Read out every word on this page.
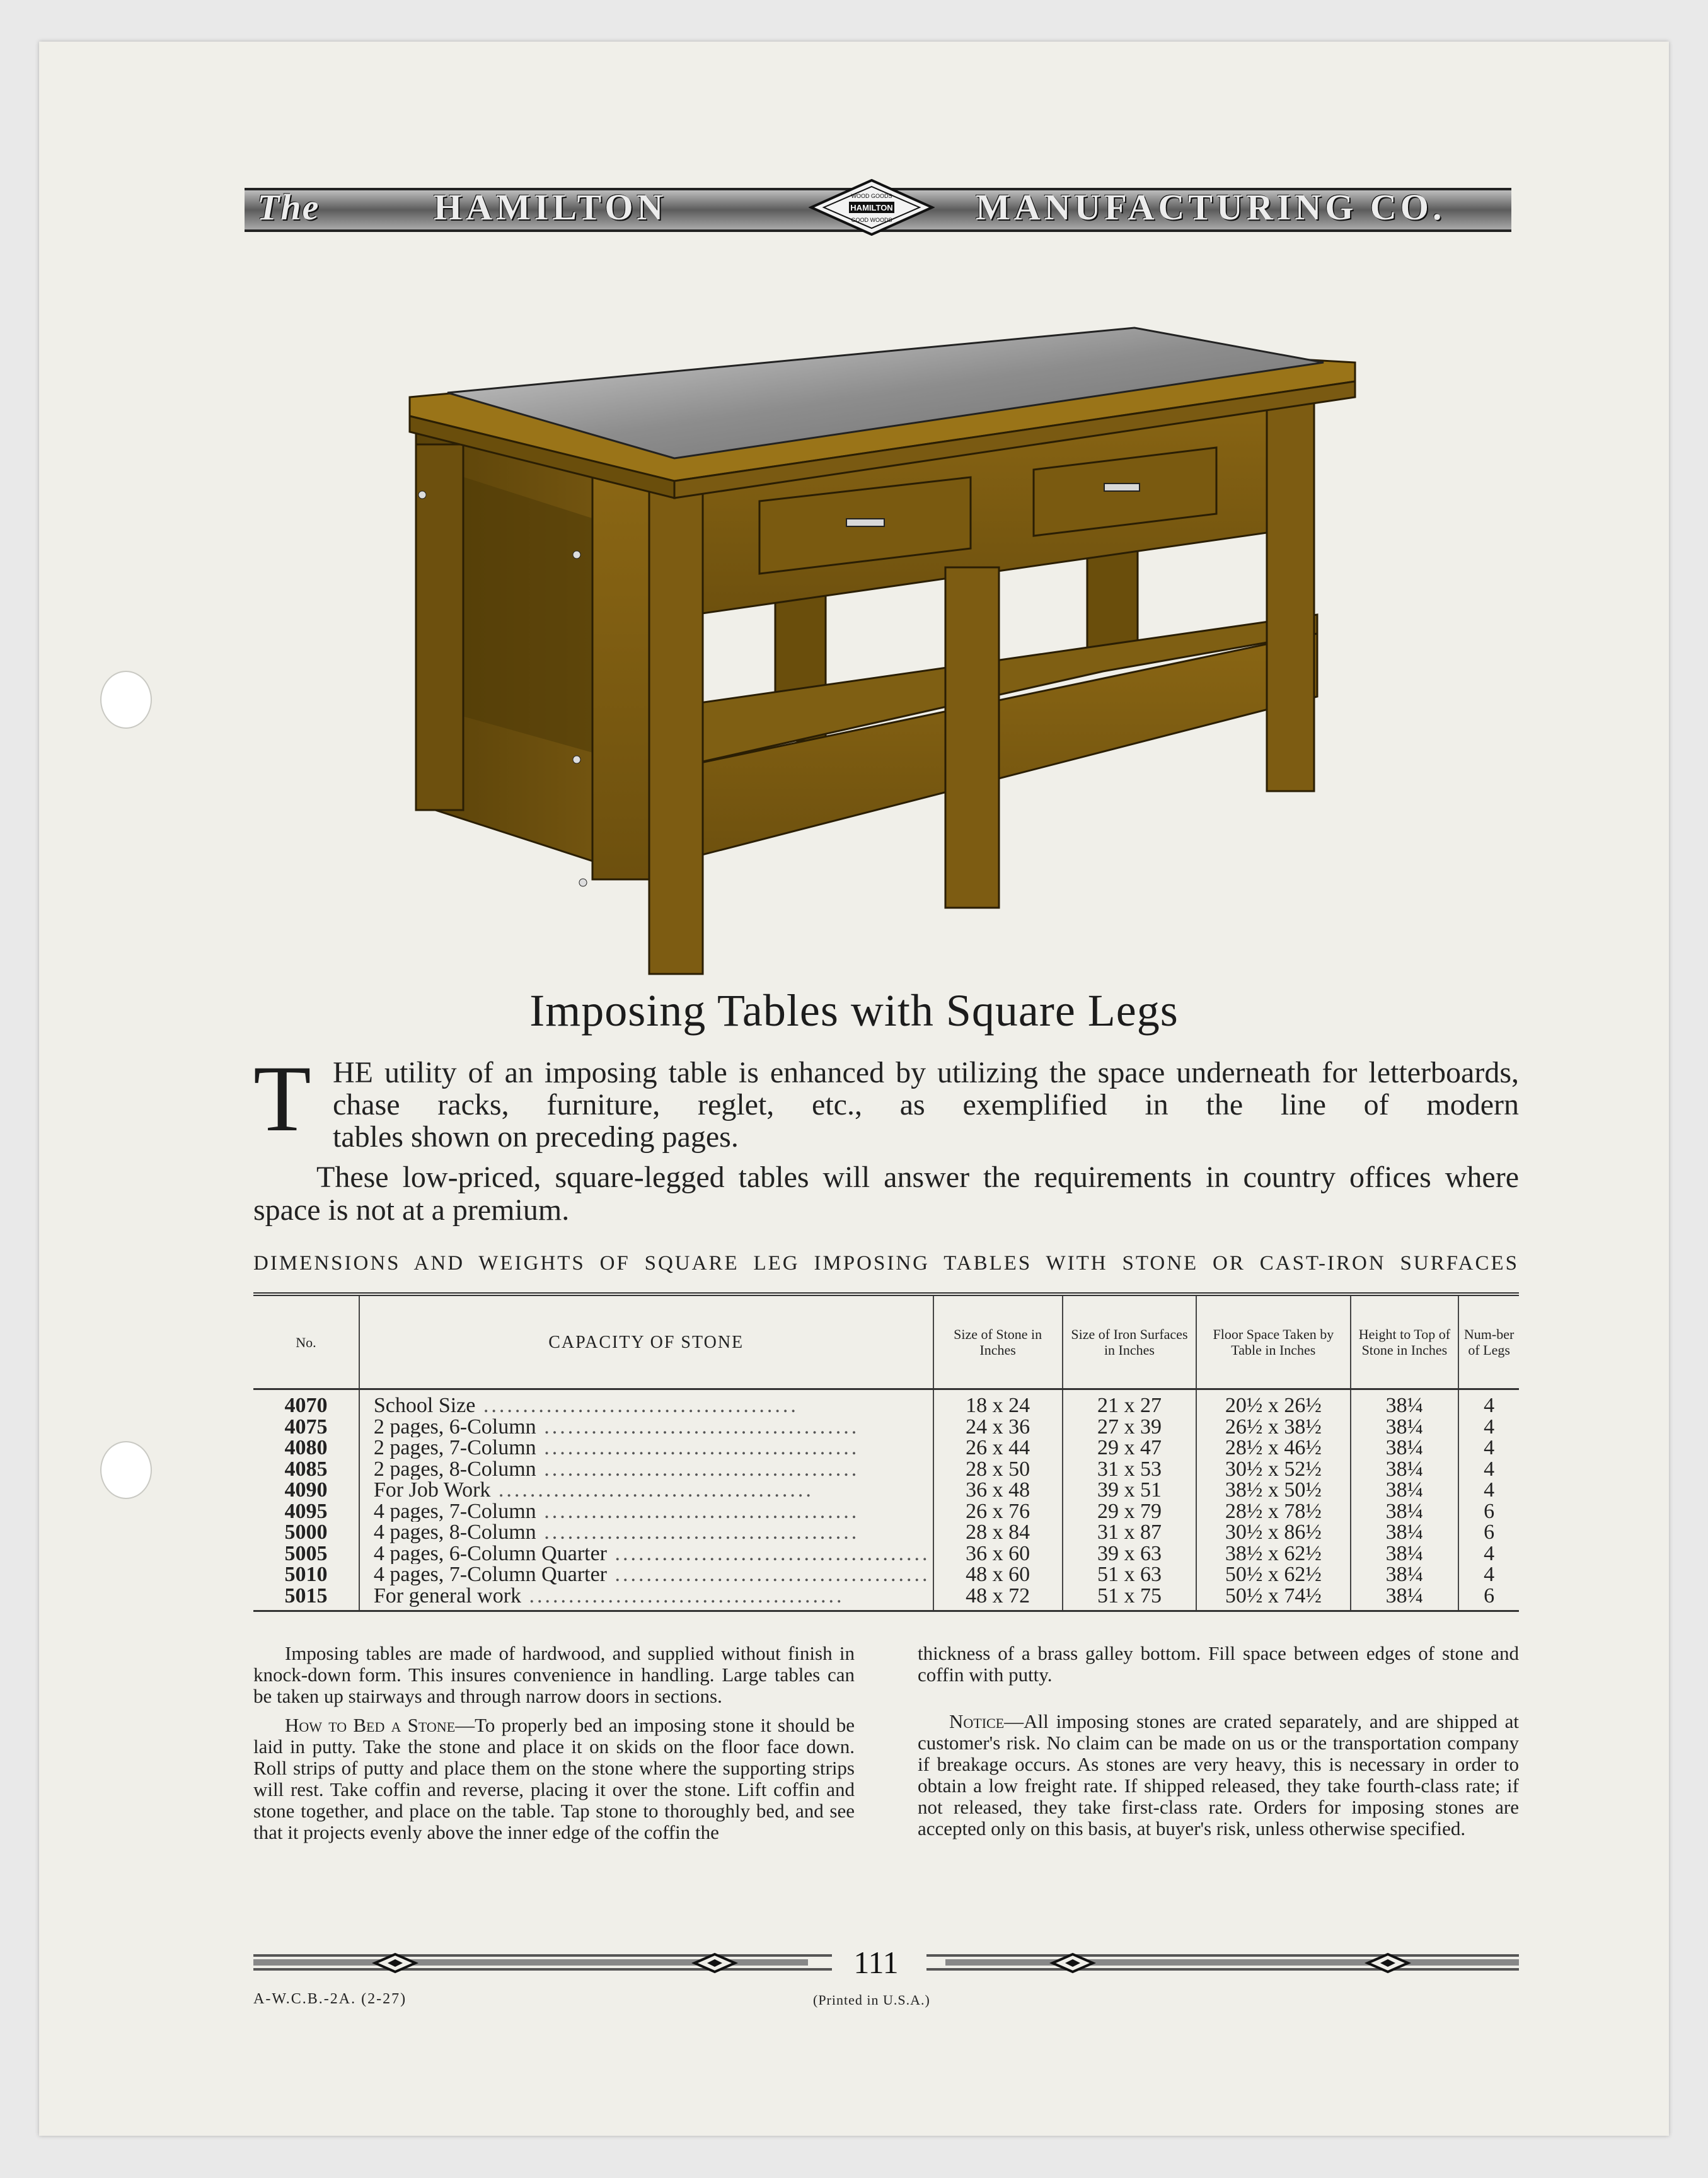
The	HAMILTON	MANUFACTURING CO.
HAMILTON
WOOD GOODS
GOOD WOODS
Imposing Tables with Square Legs
T HE utility of an imposing table is enhanced by utilizing the space underneath for letterboards, chase racks, furniture, reglet, etc., as exemplified in the line of modern
tables shown on preceding pages.
These low-priced, square-legged tables will answer the requirements in country offices where space is not at a premium.
DIMENSIONS AND WEIGHTS OF SQUARE LEG IMPOSING TABLES WITH STONE OR CAST-IRON SURFACES
No.	CAPACITY OF STONE	Size of Stone in Inches	Size of Iron Surfaces in Inches	Floor Space Taken by Table in Inches	Height to Top of Stone in Inches	Num-ber of Legs
4070	School Size ........................................	18 x 24	21 x 27	20½ x 26½	38¼	4
4075	2 pages, 6-Column ........................................	24 x 36	27 x 39	26½ x 38½	38¼	4
4080	2 pages, 7-Column ........................................	26 x 44	29 x 47	28½ x 46½	38¼	4
4085	2 pages, 8-Column ........................................	28 x 50	31 x 53	30½ x 52½	38¼	4
4090	For Job Work ........................................	36 x 48	39 x 51	38½ x 50½	38¼	4
4095	4 pages, 7-Column ........................................	26 x 76	29 x 79	28½ x 78½	38¼	6
5000	4 pages, 8-Column ........................................	28 x 84	31 x 87	30½ x 86½	38¼	6
5005	4 pages, 6-Column Quarter ........................................	36 x 60	39 x 63	38½ x 62½	38¼	4
5010	4 pages, 7-Column Quarter ........................................	48 x 60	51 x 63	50½ x 62½	38¼	4
5015	For general work ........................................	48 x 72	51 x 75	50½ x 74½	38¼	6

Imposing tables are made of hardwood, and supplied without finish in knock-down form. This insures convenience in handling. Large tables can be taken up stairways and through narrow doors in sections.

How to Bed a Stone—To properly bed an imposing stone it should be laid in putty. Take the stone and place it on skids on the floor face down. Roll strips of putty and place them on the stone where the supporting strips will rest. Take coffin and reverse, placing it over the stone. Lift coffin and stone together, and place on the table. Tap stone to thoroughly bed, and see that it projects evenly above the inner edge of the coffin the

thickness of a brass galley bottom. Fill space between edges of stone and coffin with putty.

Notice—All imposing stones are crated separately, and are shipped at customer's risk. No claim can be made on us or the transportation company if breakage occurs. As stones are very heavy, this is necessary in order to obtain a low freight rate. If shipped released, they take fourth-class rate; if not released, they take first-class rate. Orders for imposing stones are accepted only on this basis, at buyer's risk, unless otherwise specified.

111
A-W.C.B.-2A. (2-27)	(Printed in U.S.A.)
